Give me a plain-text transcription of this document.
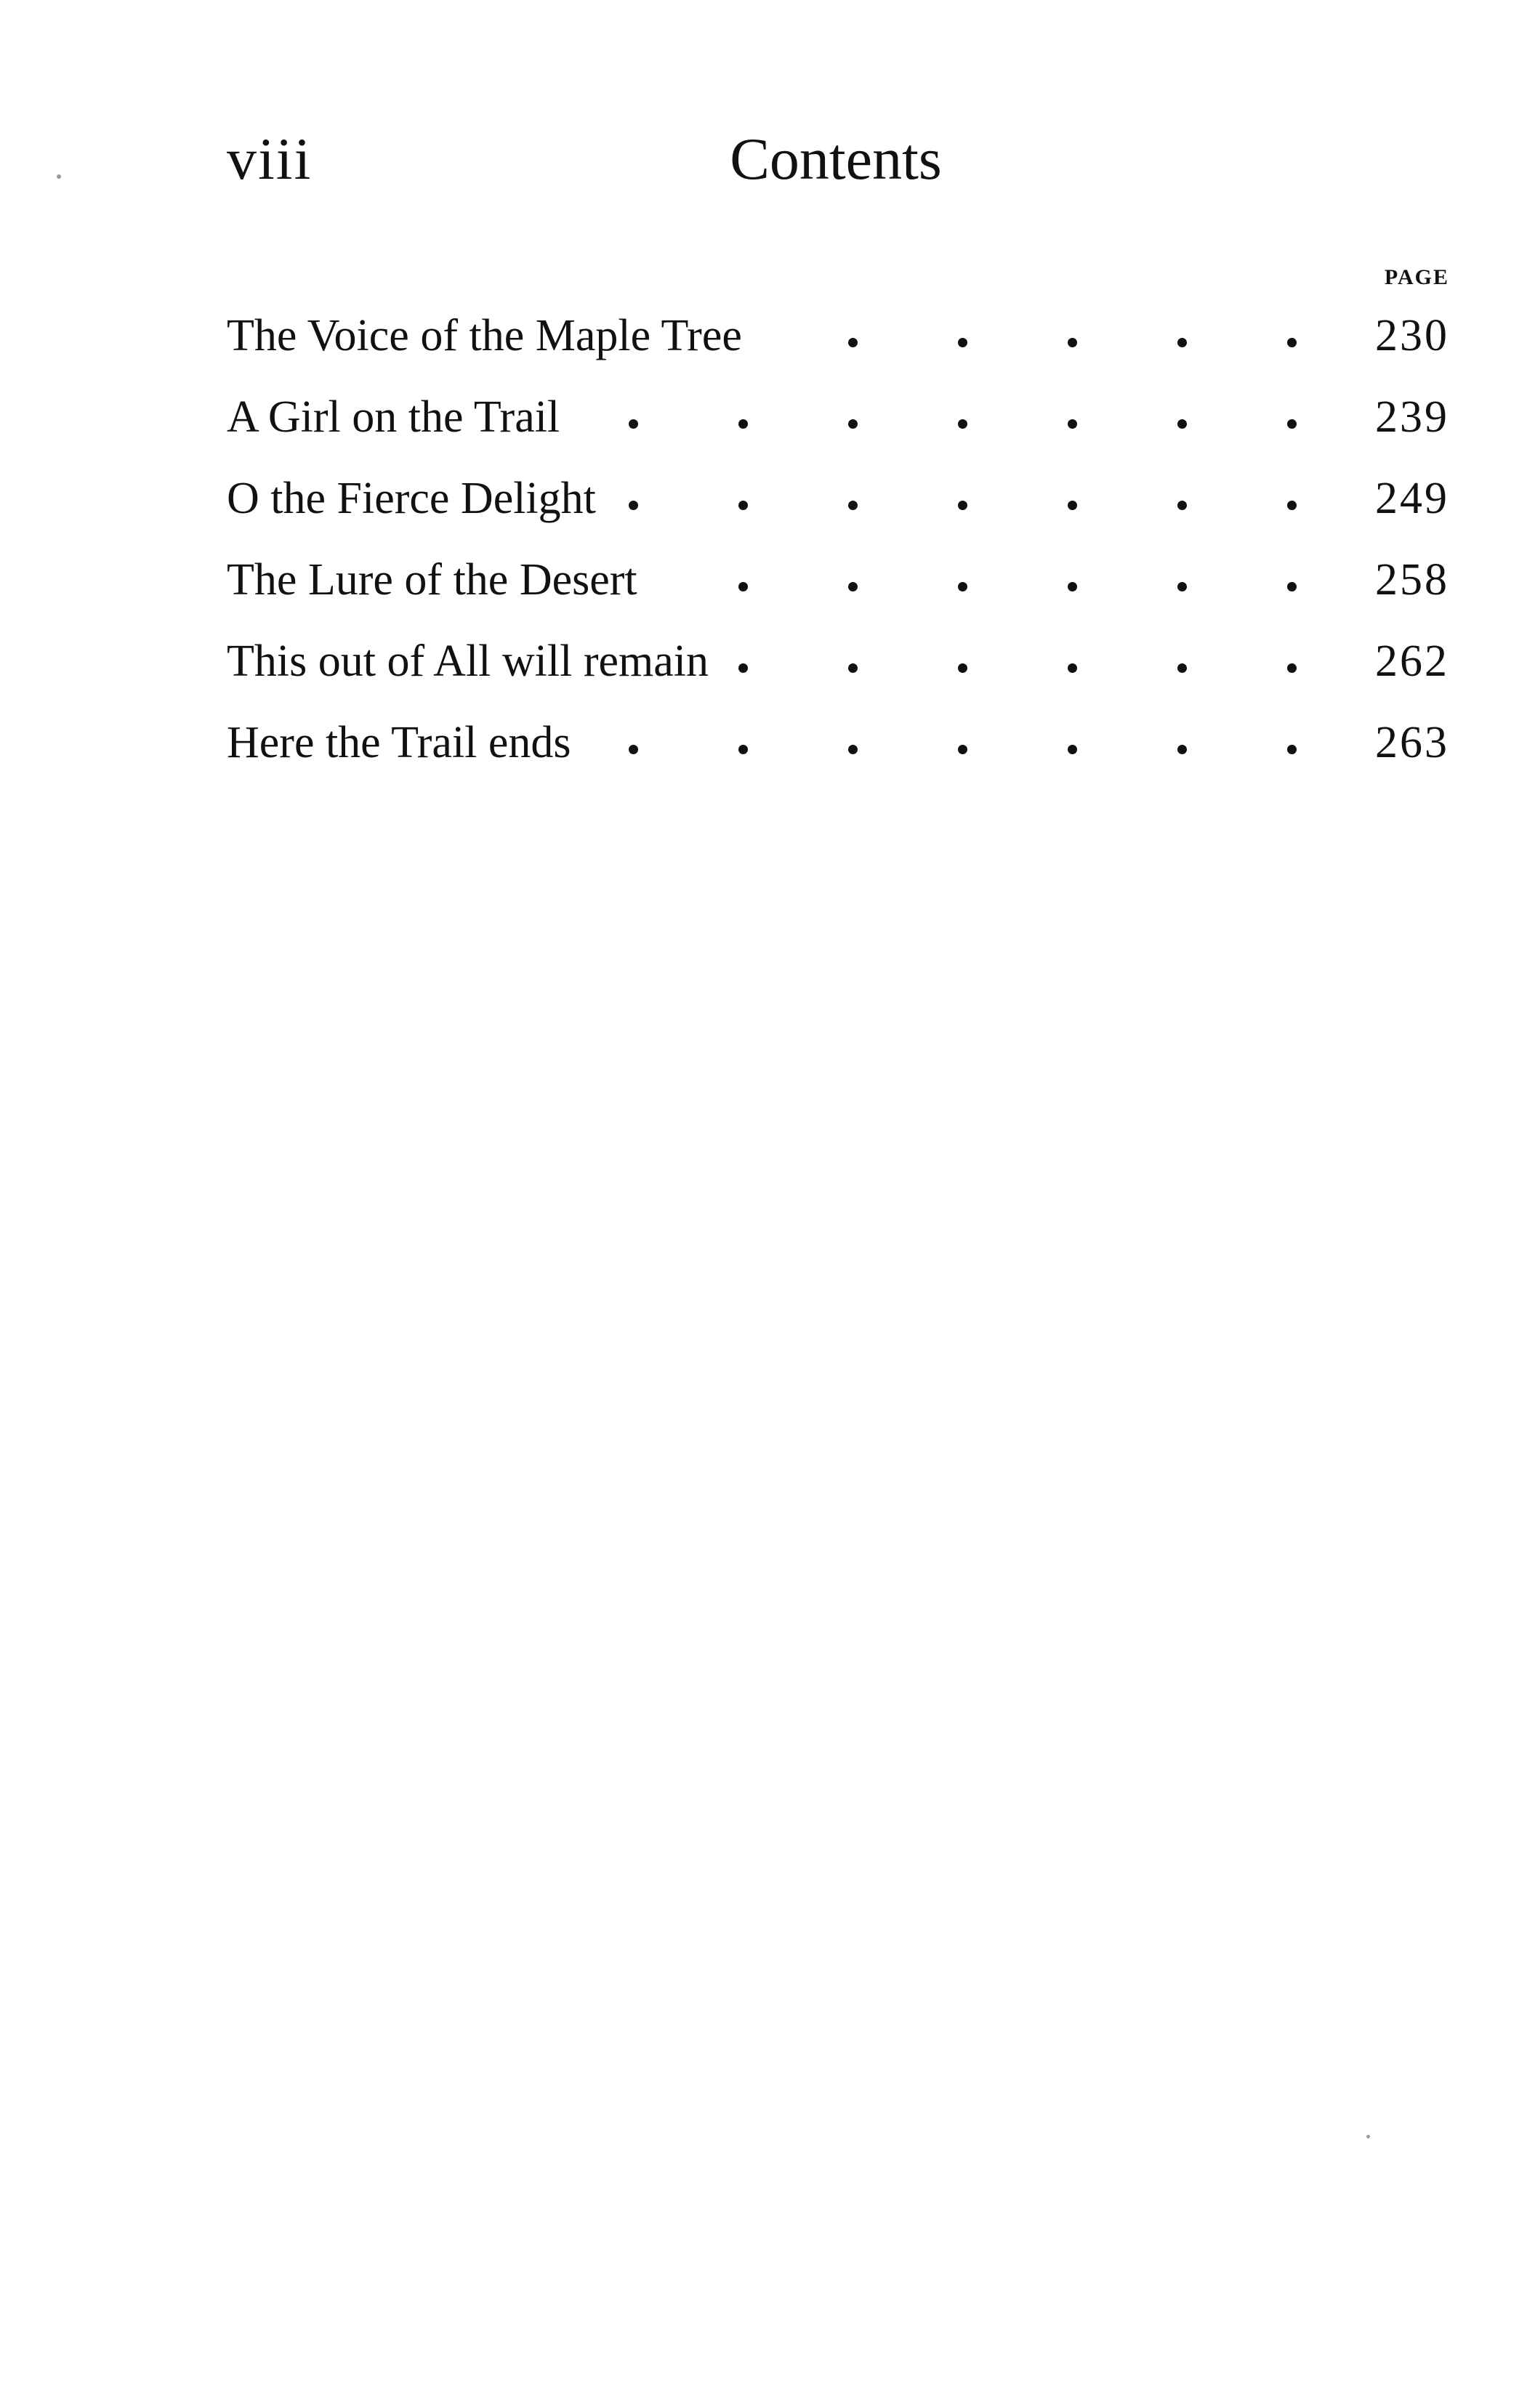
viii	Contents
PAGE
The Voice of the Maple Tree	230
A Girl on the Trail	239
O the Fierce Delight	249
The Lure of the Desert	258
This out of All will remain	262
Here the Trail ends	263
